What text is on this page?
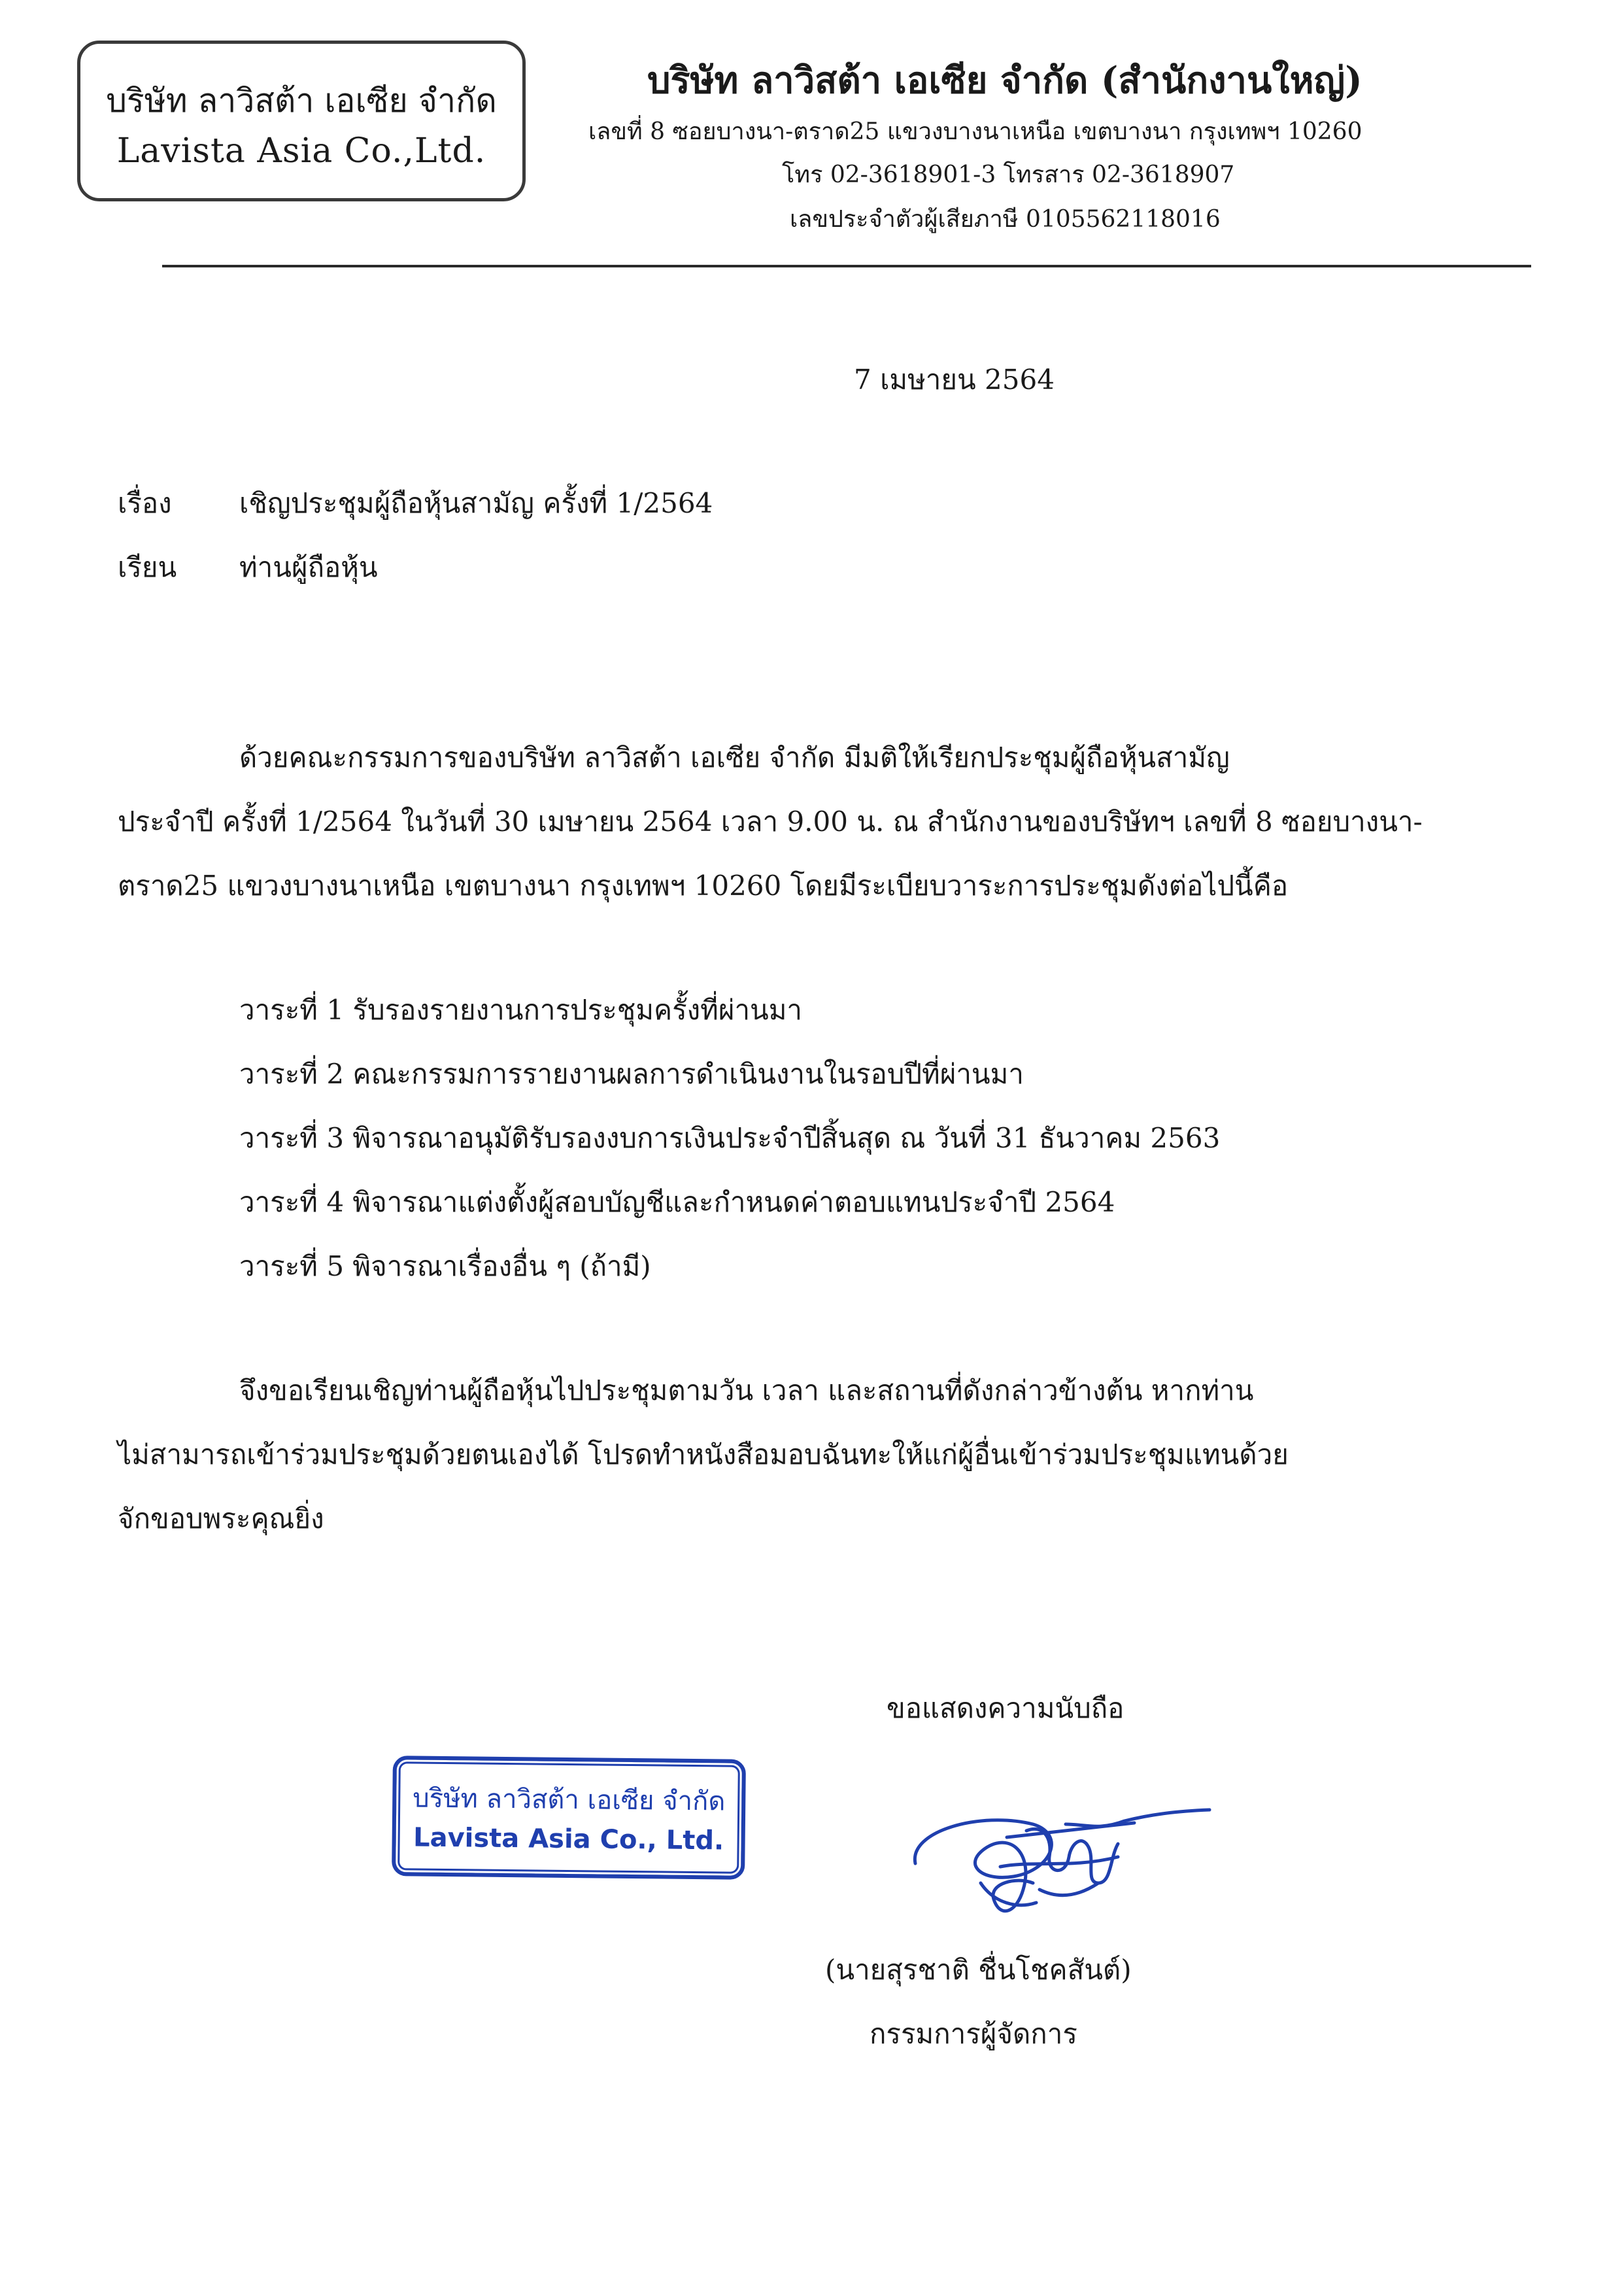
บริษัท ลาวิสต้า เอเซีย จำกัด
Lavista Asia Co.,Ltd.
บริษัท ลาวิสต้า เอเซีย จำกัด (สำนักงานใหญ่)
เลขที่ 8 ซอยบางนา-ตราด25 แขวงบางนาเหนือ เขตบางนา กรุงเทพฯ 10260
โทร 02-3618901-3 โทรสาร 02-3618907
เลขประจำตัวผู้เสียภาษี 0105562118016
7 เมษายน 2564
เรื่อง เชิญประชุมผู้ถือหุ้นสามัญ ครั้งที่ 1/2564
เรียน ท่านผู้ถือหุ้น
ด้วยคณะกรรมการของบริษัท ลาวิสต้า เอเซีย จำกัด มีมติให้เรียกประชุมผู้ถือหุ้นสามัญ
ประจำปี ครั้งที่ 1/2564 ในวันที่ 30 เมษายน 2564 เวลา 9.00 น. ณ สำนักงานของบริษัทฯ เลขที่ 8 ซอยบางนา-
ตราด25 แขวงบางนาเหนือ เขตบางนา กรุงเทพฯ 10260 โดยมีระเบียบวาระการประชุมดังต่อไปนี้คือ
วาระที่ 1 รับรองรายงานการประชุมครั้งที่ผ่านมา
วาระที่ 2 คณะกรรมการรายงานผลการดำเนินงานในรอบปีที่ผ่านมา
วาระที่ 3 พิจารณาอนุมัติรับรองงบการเงินประจำปีสิ้นสุด ณ วันที่ 31 ธันวาคม 2563
วาระที่ 4 พิจารณาแต่งตั้งผู้สอบบัญชีและกำหนดค่าตอบแทนประจำปี 2564
วาระที่ 5 พิจารณาเรื่องอื่น ๆ (ถ้ามี)
จึงขอเรียนเชิญท่านผู้ถือหุ้นไปประชุมตามวัน เวลา และสถานที่ดังกล่าวข้างต้น หากท่าน
ไม่สามารถเข้าร่วมประชุมด้วยตนเองได้ โปรดทำหนังสือมอบฉันทะให้แก่ผู้อื่นเข้าร่วมประชุมแทนด้วย
จักขอบพระคุณยิ่ง
ขอแสดงความนับถือ
บริษัท ลาวิสต้า เอเซีย จำกัด
Lavista Asia Co., Ltd.
(นายสุรชาติ ชื่นโชคสันต์)
กรรมการผู้จัดการ
